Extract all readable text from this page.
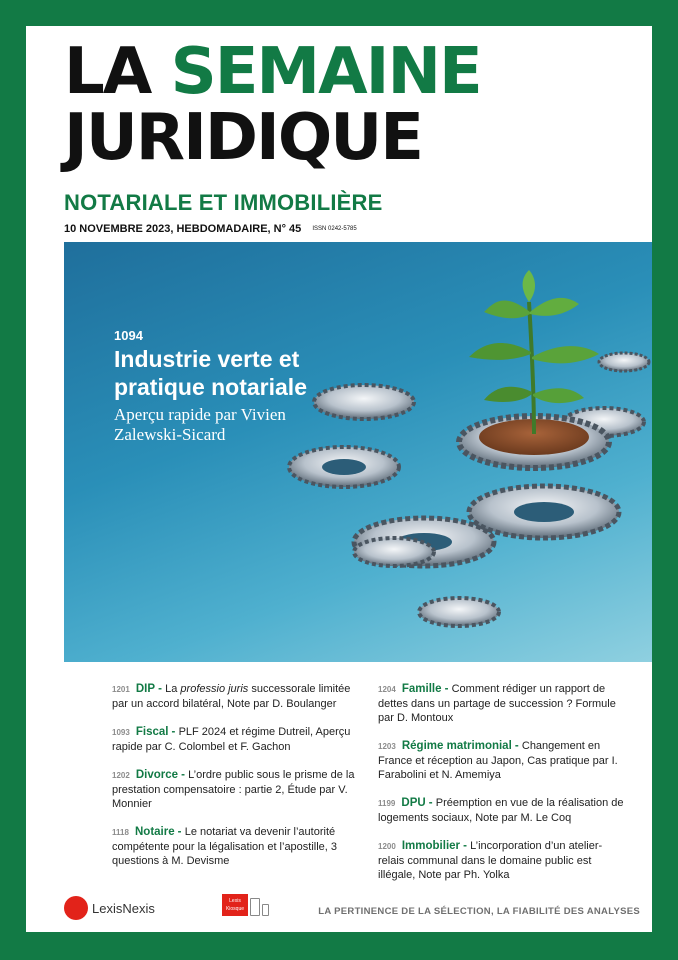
LA SEMAINE
JURIDIQUE
NOTARIALE ET IMMOBILIÈRE
10 NOVEMBRE 2023, HEBDOMADAIRE, N° 45 ISSN 0242-5785
1094
Industrie verte et pratique notariale
Aperçu rapide par Vivien Zalewski-Sicard
1201 DIP - La professio juris successorale limitée par un accord bilatéral, Note par D. Boulanger
1093 Fiscal - PLF 2024 et régime Dutreil, Aperçu rapide par C. Colombel et F. Gachon
1202 Divorce - L’ordre public sous le prisme de la prestation compensatoire : partie 2, Étude par V. Monnier
1118 Notaire - Le notariat va devenir l’autorité compétente pour la légalisation et l’apostille, 3 questions à M. Devisme
1204 Famille - Comment rédiger un rapport de dettes dans un partage de succession ? Formule par D. Montoux
1203 Régime matrimonial - Changement en France et réception au Japon, Cas pratique par I. Farabolini et N. Amemiya
1199 DPU - Préemption en vue de la réalisation de logements sociaux, Note par M. Le Coq
1200 Immobilier - L’incorporation d’un atelier-relais communal dans le domaine public est illégale, Note par Ph. Yolka
LexisNexis	Lexis Kiosque	LA PERTINENCE DE LA SÉLECTION, LA FIABILITÉ DES ANALYSES
